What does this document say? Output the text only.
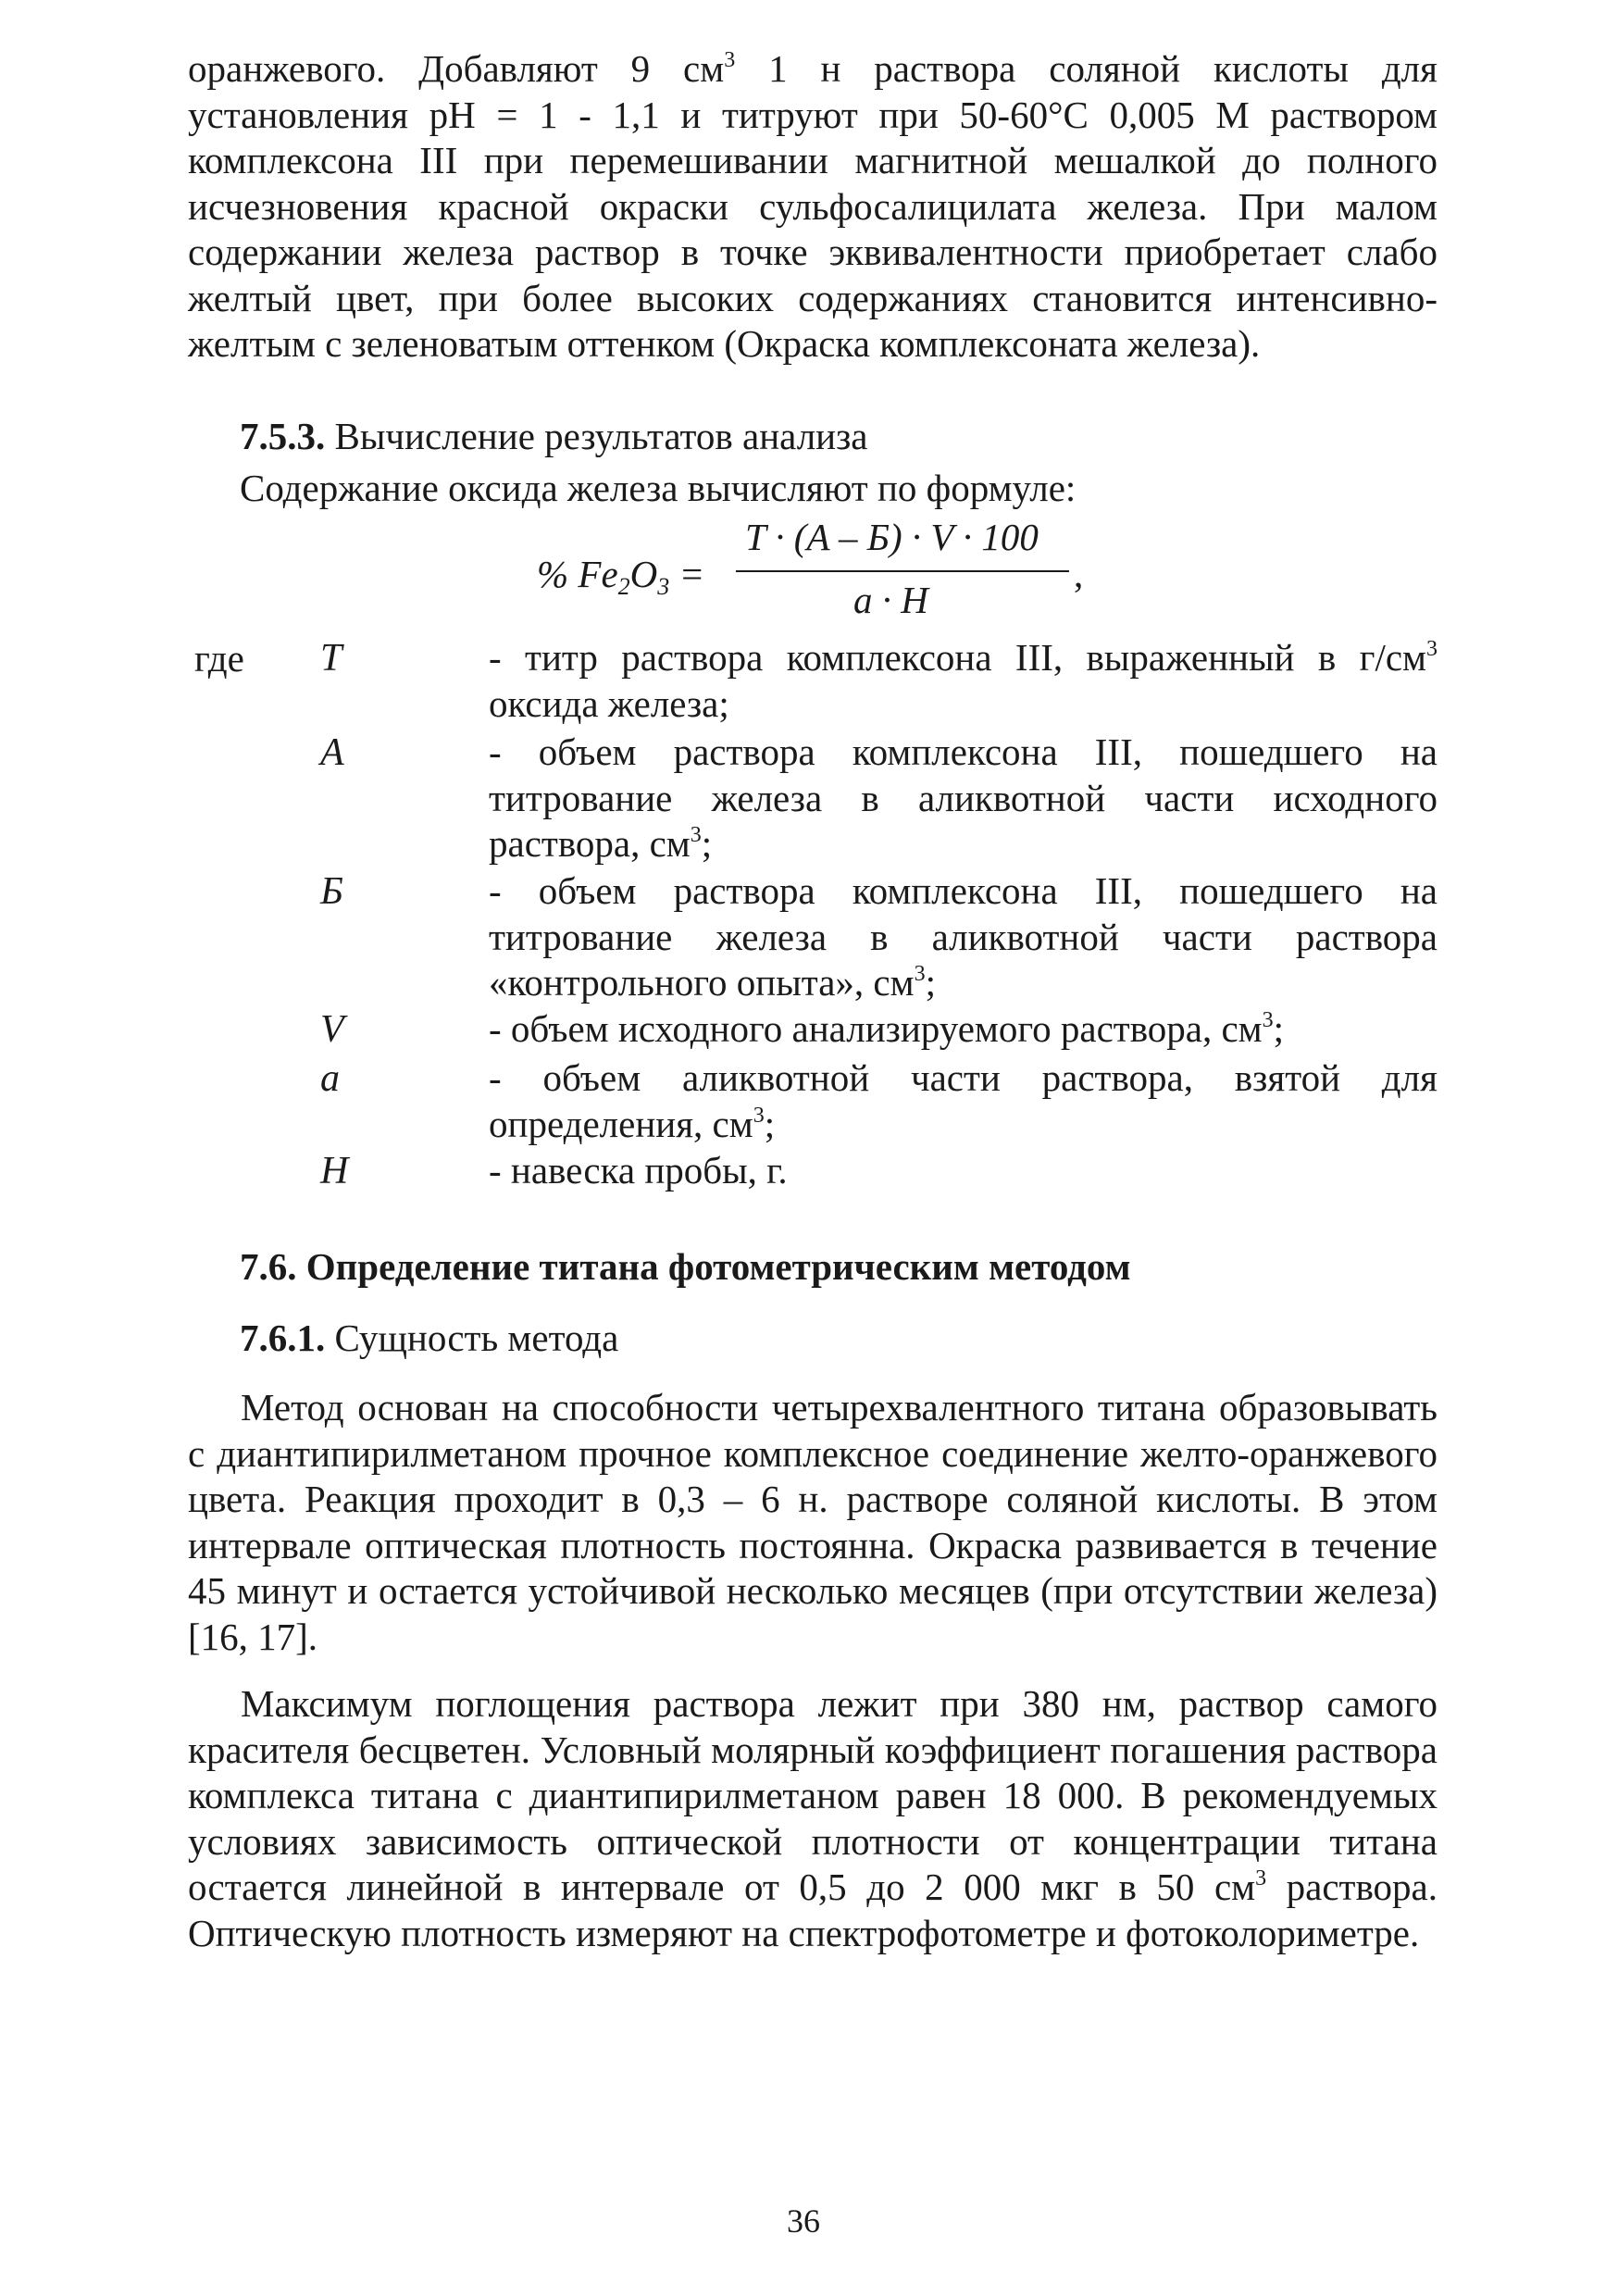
оранжевого. Добавляют 9 $см^3$ 1 н раствора соляной кислоты для установления рН = 1 - 1,1 и титруют при 50-60°С 0,005 М раствором комплексона III при перемешивании магнитной мешалкой до полного исчезновения красной окраски сульфосалицилата железа. При малом содержании железа раствор в точке эквивалентности приобретает слабо желтый цвет, при более высоких содержаниях становится интенсивно-желтым с зеленоватым оттенком (Окраска комплексоната железа).

7.5.3. Вычисление результатов анализа
Содержание оксида железа вычисляют по формуле:
% $Fe_2O_3$ =
T · (A – Б) · V · 100
a · H
,
где T	- титр раствора комплексона III, выраженный в $г/см^3$ оксида железа;

A	- объем раствора комплексона III, пошедшего на титрование железа в аликвотной части исходного раствора, $см^3$;

Б	- объем раствора комплексона III, пошедшего на титрование железа в аликвотной части раствора «контрольного опыта», $см^3$;

V	- объем исходного анализируемого раствора, $см^3$;

a	- объем аликвотной части раствора, взятой для определения, $см^3$;

H	- навеска пробы, г.

7.6. Определение титана фотометрическим методом
7.6.1. Сущность метода

Метод основан на способности четырехвалентного титана образовывать с диантипирилметаном прочное комплексное соединение желто-оранжевого цвета. Реакция проходит в 0,3 – 6 н. растворе соляной кислоты. В этом интервале оптическая плотность постоянна. Окраска развивается в течение 45 минут и остается устойчивой несколько месяцев (при отсутствии железа) [16, 17].

Максимум поглощения раствора лежит при 380 нм, раствор самого красителя бесцветен. Условный молярный коэффициент погашения раствора комплекса титана с диантипирилметаном равен 18 000. В рекомендуемых условиях зависимость оптической плотности от концентрации титана остается линейной в интервале от 0,5 до 2 000 мкг в 50 $см^3$ раствора. Оптическую плотность измеряют на спектрофотометре и фотоколориметре.

36
